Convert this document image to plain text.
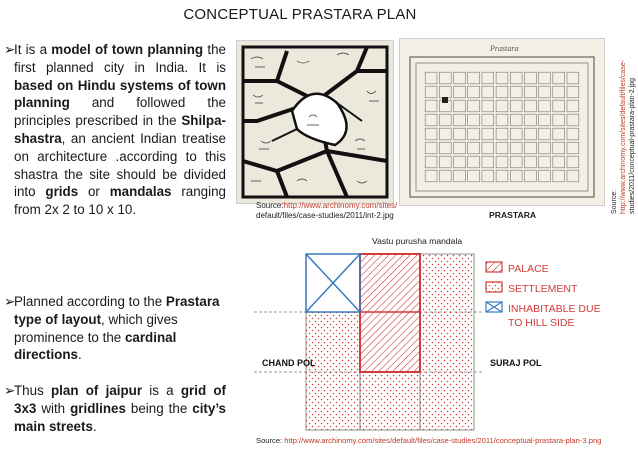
CONCEPTUAL PRASTARA PLAN
➢
It is a model of town planning the first planned city in India. It is based on Hindu systems of town planning and followed the principles prescribed in the Shilpa-shastra, an ancient Indian treatise on architecture .according to this shastra the site should be divided into grids or mandalas ranging from 2x 2 to 10 x 10.
➢
Planned according to the Prastara type of layout, which gives prominence to the cardinal directions.
➢
Thus plan of jaipur is a grid of 3x3 with gridlines being the city’s main streets.
Source:http://www.archinomy.com/sites/
default/files/case-studies/2011/int-2.jpg
Prastara
PRASTARA
Source: http://www.archinomy.com/sites/default/files/case- studies/2011/conceptual-prastara-plan-2.jpg
Vastu purusha mandala
CHAND POL	SURAJ POL
PALACE
SETTLEMENT
INHABITABLE DUE
TO HILL SIDE
Source: http://www.archinomy.com/sites/default/files/case-studies/2011/conceptual-prastara-plan-3.png
